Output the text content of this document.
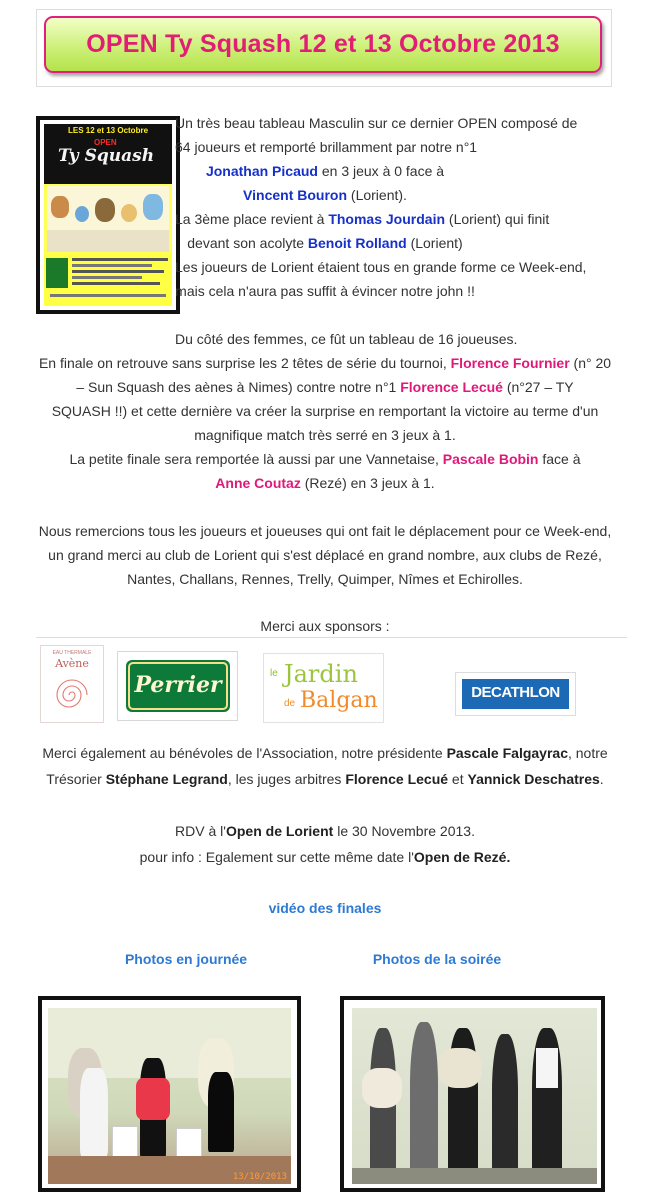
OPEN Ty Squash 12 et 13 Octobre 2013
LES 12 et 13 Octobre
OPEN
Ty Squash
Un très beau tableau Masculin sur ce dernier OPEN composé de
64 joueurs et remporté brillamment par notre n°1
Jonathan Picaud en 3 jeux à 0 face à
Vincent Bouron (Lorient).
La 3ème place revient à Thomas Jourdain (Lorient) qui finit
devant son acolyte Benoit Rolland (Lorient)
Les joueurs de Lorient étaient tous en grande forme ce Week-end,
mais cela n'aura pas suffit à évincer notre john !!
Du côté des femmes, ce fût un tableau de 16 joueuses.
En finale on retrouve sans surprise les 2 têtes de série du tournoi, Florence Fournier (n° 20
– Sun Squash des aènes à Nimes) contre notre n°1 Florence Lecué (n°27 – TY
SQUASH !!) et cette dernière va créer la surprise en remportant la victoire au terme d'un
magnifique match très serré en 3 jeux à 1.
La petite finale sera remportée là aussi par une Vannetaise, Pascale Bobin face à
Anne Coutaz (Rezé) en 3 jeux à 1.
Nous remercions tous les joueurs et joueuses qui ont fait le déplacement pour ce Week-end,
un grand merci au club de Lorient qui s'est déplacé en grand nombre, aux clubs de Rezé,
Nantes, Challans, Rennes, Trelly, Quimper, Nîmes et Echirolles.
Merci aux sponsors :
EAU THERMALE
Avène
Perrier	le Jardin
de Balgan	DECATHLON
Merci également au bénévoles de l'Association, notre présidente Pascale Falgayrac, notre
Trésorier Stéphane Legrand, les juges arbitres Florence Lecué et Yannick Deschatres.
RDV à l'Open de Lorient le 30 Novembre 2013.
pour info : Egalement sur cette même date l'Open de Rezé.
vidéo des finales
Photos en journée	Photos de la soirée
13/10/2013
